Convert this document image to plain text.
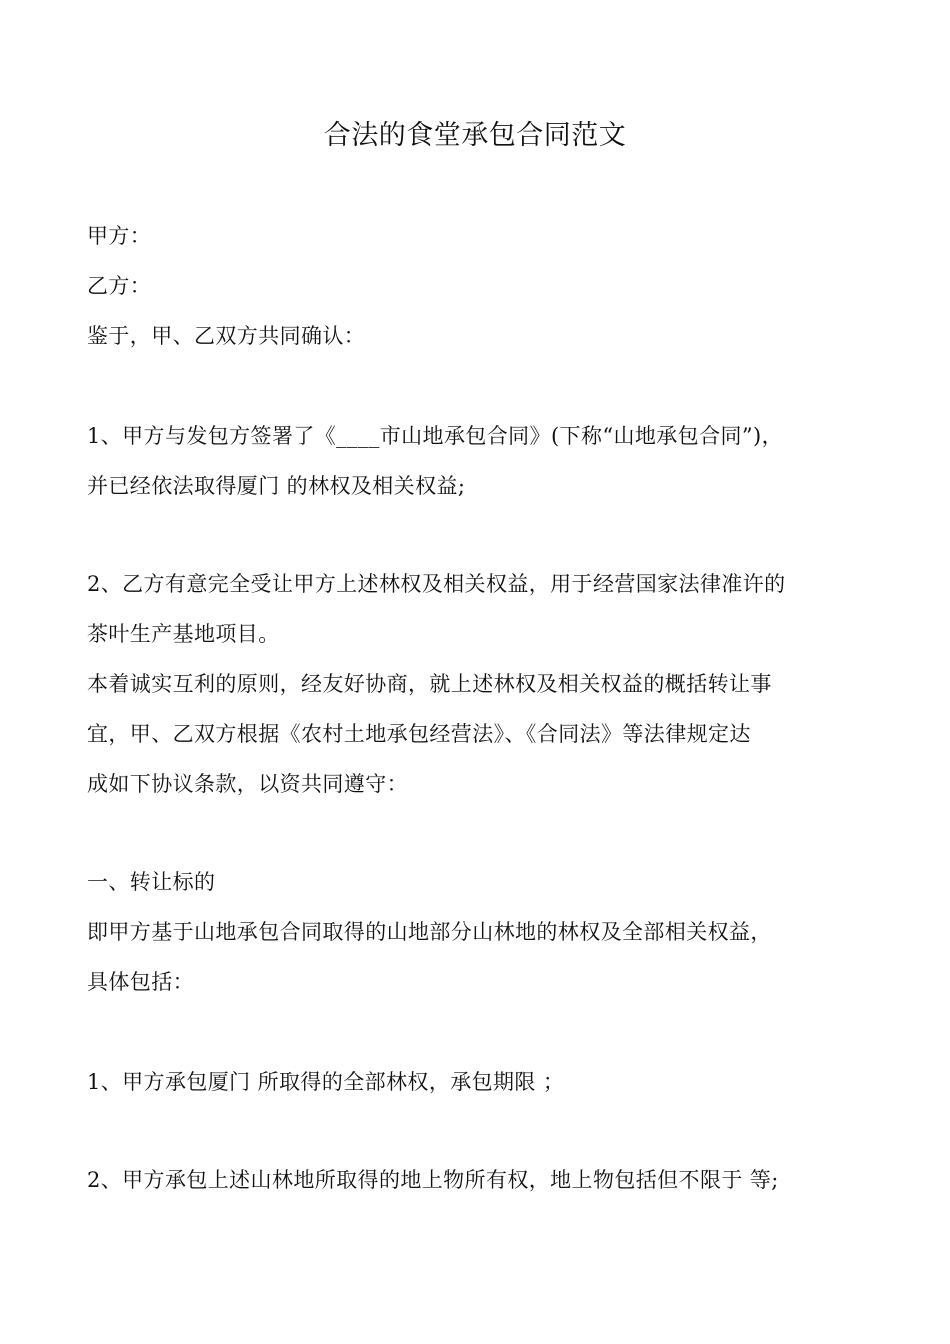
合法的食堂承包合同范文
甲方：
乙方：
鉴于，甲、乙双方共同确认：
1、甲方与发包方签署了《____市山地承包合同》(下称“山地承包合同”)，
并已经依法取得厦门 的林权及相关权益;
2、乙方有意完全受让甲方上述林权及相关权益，用于经营国家法律准许的
茶叶生产基地项目。
本着诚实互利的原则，经友好协商，就上述林权及相关权益的概括转让事
宜，甲、乙双方根据《农村土地承包经营法》、《合同法》等法律规定达
成如下协议条款，以资共同遵守：
一、转让标的
即甲方基于山地承包合同取得的山地部分山林地的林权及全部相关权益，
具体包括：
1、甲方承包厦门 所取得的全部林权，承包期限 ；
2、甲方承包上述山林地所取得的地上物所有权，地上物包括但不限于 等;
